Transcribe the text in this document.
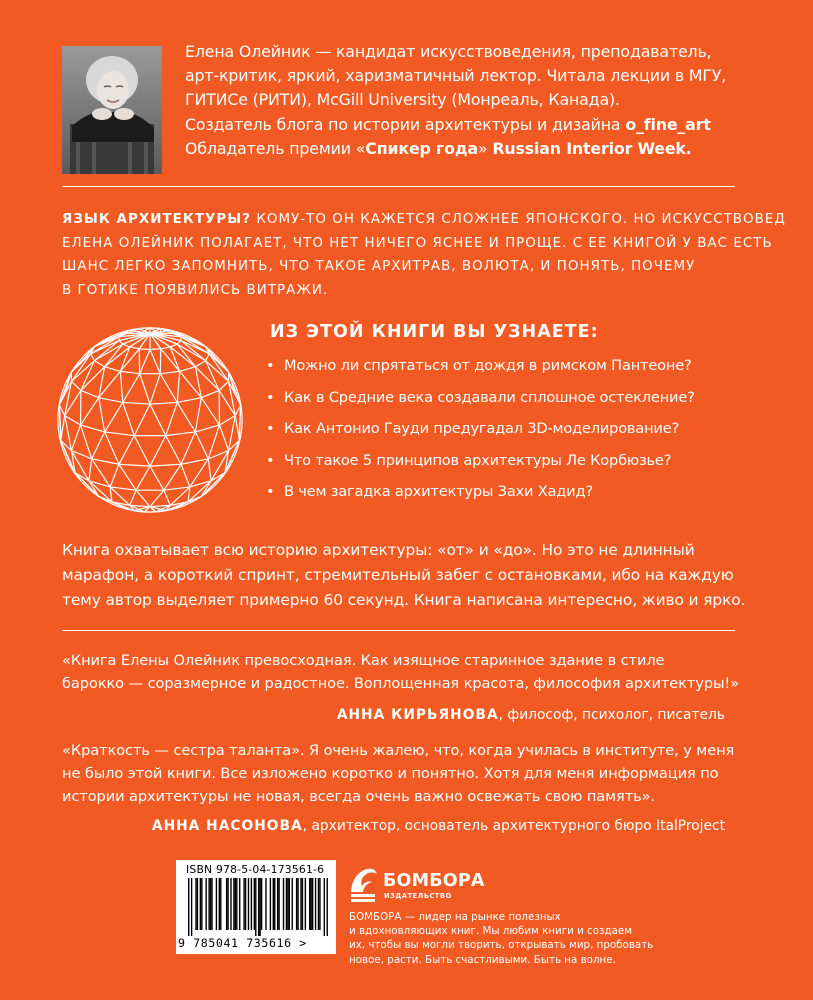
Елена Олейник — кандидат искусствоведения, преподаватель,
арт-критик, яркий, харизматичный лектор. Читала лекции в МГУ,
ГИТИСе (РИТИ), McGill University (Монреаль, Канада).
Создатель блога по истории архитектуры и дизайна o_fine_art
Обладатель премии «Спикер года» Russian Interior Week.
ЯЗЫК АРХИТЕКТУРЫ? КОМУ-ТО ОН КАЖЕТСЯ СЛОЖНЕЕ ЯПОНСКОГО. НО ИСКУССТВОВЕД
ЕЛЕНА ОЛЕЙНИК ПОЛАГАЕТ, ЧТО НЕТ НИЧЕГО ЯСНЕЕ И ПРОЩЕ. С ЕЕ КНИГОЙ У ВАС ЕСТЬ
ШАНС ЛЕГКО ЗАПОМНИТЬ, ЧТО ТАКОЕ АРХИТРАВ, ВОЛЮТА, И ПОНЯТЬ, ПОЧЕМУ
В ГОТИКЕ ПОЯВИЛИСЬ ВИТРАЖИ.
ИЗ ЭТОЙ КНИГИ ВЫ УЗНАЕТЕ:
• Можно ли спрятаться от дождя в римском Пантеоне?
• Как в Средние века создавали сплошное остекление?
• Как Антонио Гауди предугадал 3D-моделирование?
• Что такое 5 принципов архитектуры Ле Корбюзье?
• В чем загадка архитектуры Захи Хадид?
Книга охватывает всю историю архитектуры: «от» и «до». Но это не длинный
марафон, а короткий спринт, стремительный забег с остановками, ибо на каждую
тему автор выделяет примерно 60 секунд. Книга написана интересно, живо и ярко.
«Книга Елены Олейник превосходная. Как изящное старинное здание в стиле
барокко — соразмерное и радостное. Воплощенная красота, философия архитектуры!»
АННА КИРЬЯНОВА, философ, психолог, писатель
«Краткость — сестра таланта». Я очень жалею, что, когда училась в институте, у меня
не было этой книги. Все изложено коротко и понятно. Хотя для меня информация по
истории архитектуры не новая, всегда очень важно освежать свою память».
АННА НАСОНОВА, архитектор, основатель архитектурного бюро ItalProject
ISBN 978-5-04-173561-6
9 785041 735616 >
БОМБОРА
ИЗДАТЕЛЬСТВО
БОМБОРА — лидер на рынке полезных
и вдохновляющих книг. Мы любим книги и создаем
их, чтобы вы могли творить, открывать мир, пробовать
новое, расти. Быть счастливыми. Быть на волне.
